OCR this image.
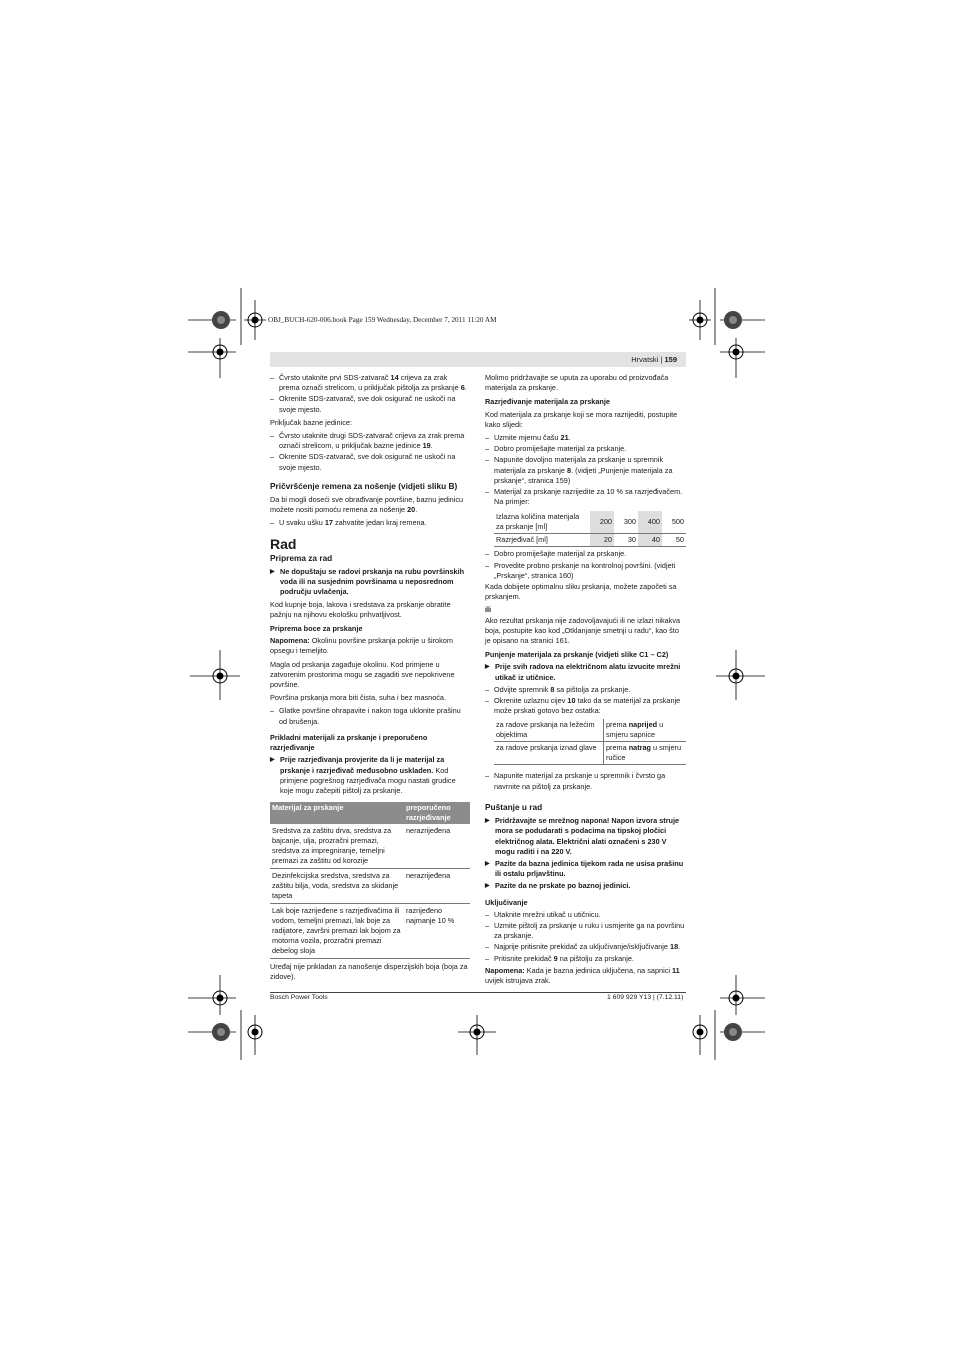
OBJ_BUCH-620-006.book Page 159 Wednesday, December 7, 2011 11:20 AM
Hrvatski | 159
– Čvrsto utaknite prvi SDS-zatvarač 14 crijeva za zrak prema označi strelicom, u priključak pištolja za prskanje 6.
– Okrenite SDS-zatvarač, sve dok osigurač ne uskoči na svoje mjesto.

Priključak bazne jedinice:

– Čvrsto utaknite drugi SDS-zatvarač crijeva za zrak prema označi strelicom, u priključak bazne jedinice 19.
– Okrenite SDS-zatvarač, sve dok osigurač ne uskoči na svoje mjesto.
Pričvršćenje remena za nošenje (vidjeti sliku B)

Da bi mogli doseći sve obrađivanje površine, baznu jedinicu možete nositi pomoću remena za nošenje 20.

– U svaku ušku 17 zahvatite jedan kraj remena.
Rad
Priprema za rad
▶ Ne dopuštaju se radovi prskanja na rubu površinskih voda ili na susjednim površinama u neposrednom području uvlačenja.

Kod kupnje boja, lakova i sredstava za prskanje obratite pažnju na njihovu ekološku prihvatljivost.

Priprema boce za prskanje

Napomena: Okolinu površine prskanja pokrije u širokom opsegu i temeljito.

Magla od prskanja zagađuje okolinu. Kod primjene u zatvorenim prostorima mogu se zagaditi sve nepokrivene površine.

Površina prskanja mora biti čista, suha i bez masnoća.

– Glatke površine ohrapavite i nakon toga uklonite prašinu od brušenja.
Prikladni materijali za prskanje i preporučeno razrjeđivanje
▶ Prije razrjeđivanja provjerite da li je materijal za prskanje i razrjeđivač međusobno uskladen. Kod primjene pogrešnog razrjeđivača mogu nastati grudice koje mogu začepiti pištolj za prskanje.
Materijal za prskanje	preporučeno razrjeđivanje
Sredstva za zaštitu drva, sredstva za bajcanje, ulja, prozračni premazi, sredstva za impregniranje, temeljni premazi za zaštitu od korozije	nerazrijeđena
Dezinfekcijska sredstva, sredstva za zaštitu bilja, voda, sredstva za skidanje tapeta	nerazrijeđena
Lak boje razrijeđene s razrjeđivačima ili vodom, temeljni premazi, lak boje za radijatore, završni premazi lak bojom za motorna vozila, prozračni premazi debelog sloja	razrijeđeno najmanje 10 %

Uređaj nije prikladan za nanošenje disperzijskih boja (boja za zidove).

Molimo pridržavajte se uputa za uporabu od proizvođača materijala za prskanje.

Razrjeđivanje materijala za prskanje

Kod materijala za prskanje koji se mora razrijediti, postupite kako slijedi:

– Uzmite mjernu čašu 21.
– Dobro promiješajte materijal za prskanje.
– Napunite dovoljno materijala za prskanje u spremnik materijala za prskanje 8. (vidjeti „Punjenje materijala za prskanje“, stranica 159)
– Materijal za prskanje razrijedite za 10 % sa razrjeđivačem. Na primjer:
Izlazna količina materijala za prskanje [ml]	200	300	400	500
Razrjeđivač [ml]	20	30	40	50
– Dobro promiješajte materijal za prskanje.
– Provedite probno prskanje na kontrolnoj površini. (vidjeti „Prskanje“, stranica 160)

Kada dobijete optimalnu sliku prskanja, možete započeti sa prskanjem.

ili

Ako rezultat prskanja nije zadovoljavajući ili ne izlazi nikakva boja, postupite kao kod „Otklanjanje smetnji u radu“, kao što je opisano na stranici 161.

Punjenje materijala za prskanje (vidjeti slike C1 – C2)
▶ Prije svih radova na električnom alatu izvucite mrežni utikač iz utičnice.
– Odvijte spremnik 8 sa pištolja za prskanje.
– Okrenite uzlaznu cijev 10 tako da se materijal za prskanje može prskati gotovo bez ostatka:
za radove prskanja na ležećim objektima	prema naprijed u smjeru sapnice
za radove prskanja iznad glave	prema natrag u smjeru ručice
– Napunite materijal za prskanje u spremnik i čvrsto ga navrnite na pištolj za prskanje.
Puštanje u rad
▶ Pridržavajte se mrežnog napona! Napon izvora struje mora se podudarati s podacima na tipskoj pločici električnog alata. Električni alati označeni s 230 V mogu raditi i na 220 V.
▶ Pazite da bazna jedinica tijekom rada ne usisa prašinu ili ostalu prljavštinu.
▶ Pazite da ne prskate po baznoj jedinici.
Uključivanje
– Utaknite mrežni utikač u utičnicu.
– Uzmite pištolj za prskanje u ruku i usmjerite ga na površinu za prskanje.
– Najprije pritisnite prekidač za uključivanje/isključivanje 18.
– Pritisnite prekidač 9 na pištolju za prskanje.

Napomena: Kada je bazna jedinica uključena, na sapnici 11 uvijek istrujava zrak.

Bosch Power Tools	1 609 929 Y13 | (7.12.11)
